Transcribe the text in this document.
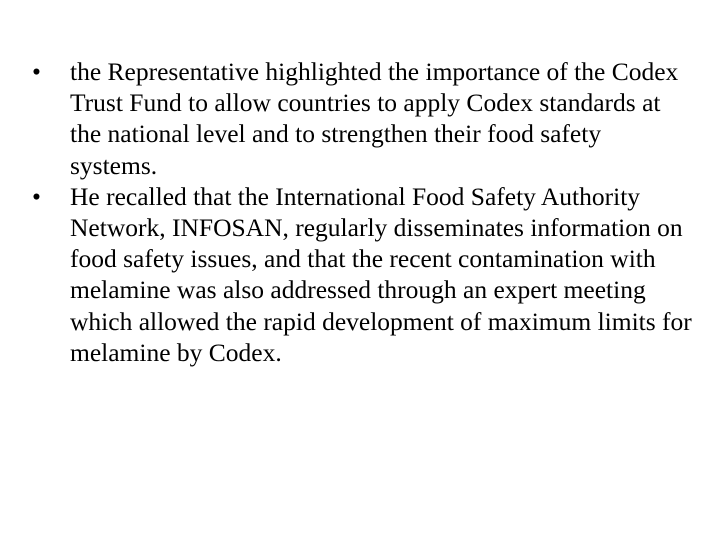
•	the Representative highlighted the importance of the Codex Trust Fund to allow countries to apply Codex standards at the national level and to strengthen their food safety systems.
•	He recalled that the International Food Safety Authority Network, INFOSAN, regularly disseminates information on food safety issues, and that the recent contamination with melamine was also addressed through an expert meeting which allowed the rapid development of maximum limits for melamine by Codex.
